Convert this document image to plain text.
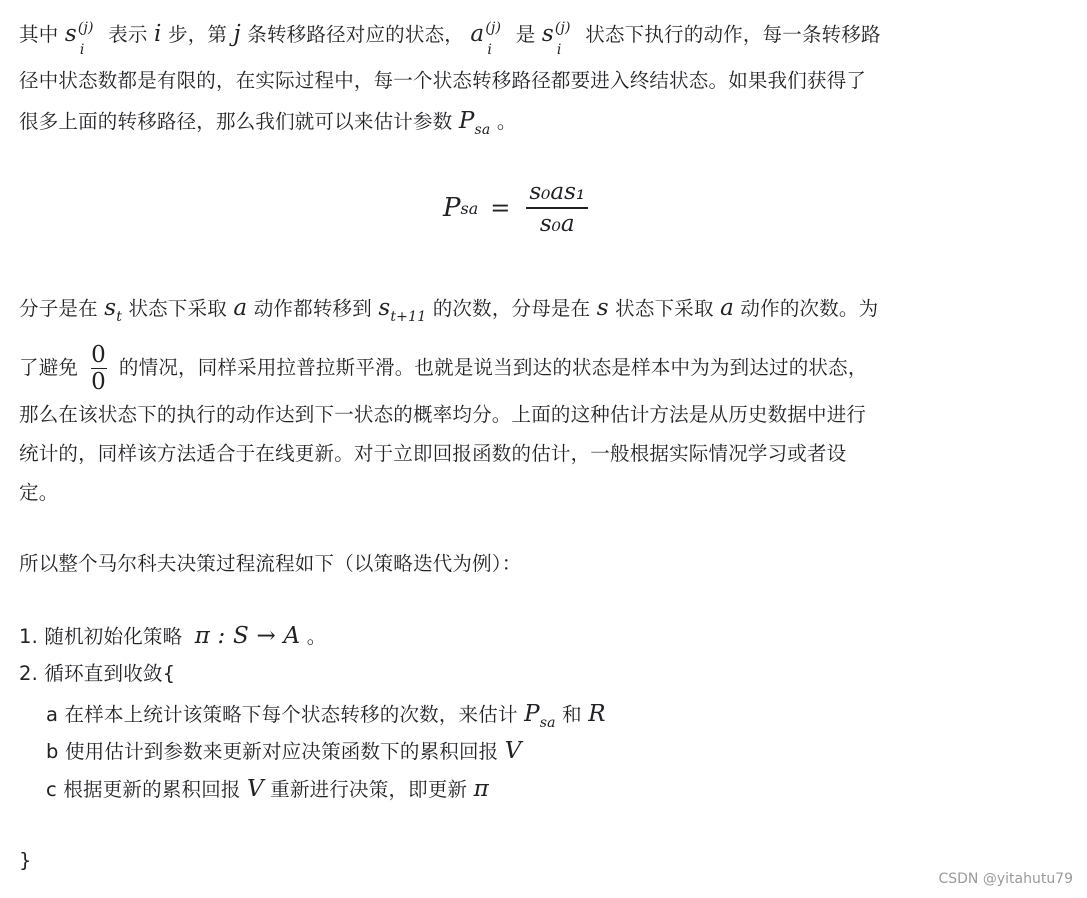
其中 s (j)
i
表示 i 步，第 j 条转移路径对应的状态， a (j)
i
是 s (j)
i
状态下执行的动作，每一条转移路
径中状态数都是有限的，在实际过程中，每一个状态转移路径都要进入终结状态。如果我们获得了
很多上面的转移路径，那么我们就可以来估计参数 $P_{sa}$ 。
P sa = $\frac{\text{s₀as₁}}{\text{s₀a}}$
分子是在 $s_t$ 状态下采取 a 动作都转移到 $s_{t+11}$ 的次数，分母是在 s 状态下采取 a 动作的次数。为
了避免 $\frac{0}{0}$ 的情况，同样采用拉普拉斯平滑。也就是说当到达的状态是样本中为为到达过的状态，
那么在该状态下的执行的动作达到下一状态的概率均分。上面的这种估计方法是从历史数据中进行
统计的，同样该方法适合于在线更新。对于立即回报函数的估计，一般根据实际情况学习或者设
定。
所以整个马尔科夫决策过程流程如下（以策略迭代为例）：
1. 随机初始化策略 π : S → A 。
2. 循环直到收敛{
a 在样本上统计该策略下每个状态转移的次数，来估计 $P_{sa}$ 和 R
b 使用估计到参数来更新对应决策函数下的累积回报 V
c 根据更新的累积回报 V 重新进行决策，即更新 π
}
CSDN @yitahutu79
